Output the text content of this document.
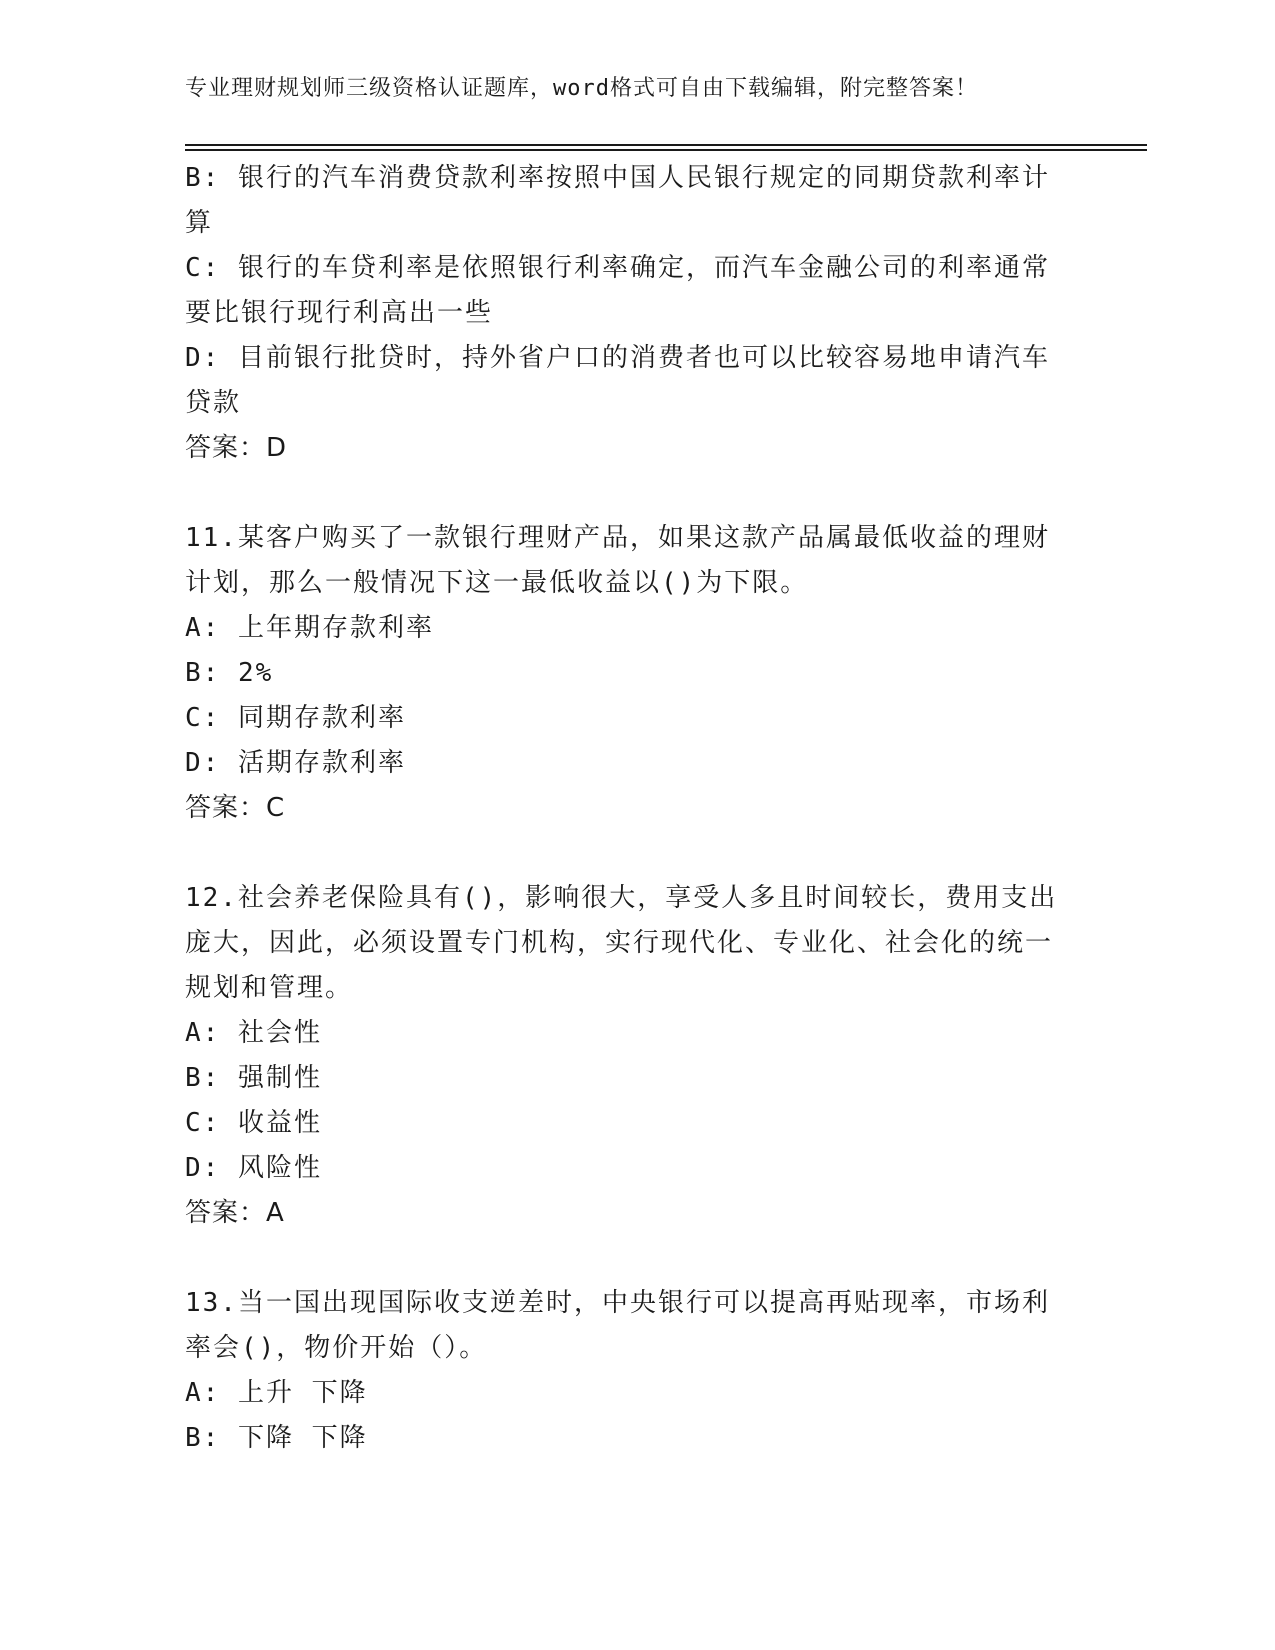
专业理财规划师三级资格认证题库，word格式可自由下载编辑，附完整答案！

B: 银行的汽车消费贷款利率按照中国人民银行规定的同期贷款利率计算

C: 银行的车贷利率是依照银行利率确定，而汽车金融公司的利率通常要比银行现行利高出一些

D: 目前银行批贷时，持外省户口的消费者也可以比较容易地申请汽车贷款

答案：D

11.某客户购买了一款银行理财产品，如果这款产品属最低收益的理财计划，那么一般情况下这一最低收益以()为下限。

A: 上年期存款利率

B: 2%

C: 同期存款利率

D: 活期存款利率

答案：C

12.社会养老保险具有()，影响很大，享受人多且时间较长，费用支出庞大，因此，必须设置专门机构，实行现代化、专业化、社会化的统一规划和管理。

A: 社会性

B: 强制性

C: 收益性

D: 风险性

答案：A

13.当一国出现国际收支逆差时，中央银行可以提高再贴现率，市场利率会()，物价开始（）。

A: 上升 下降

B: 下降 下降
